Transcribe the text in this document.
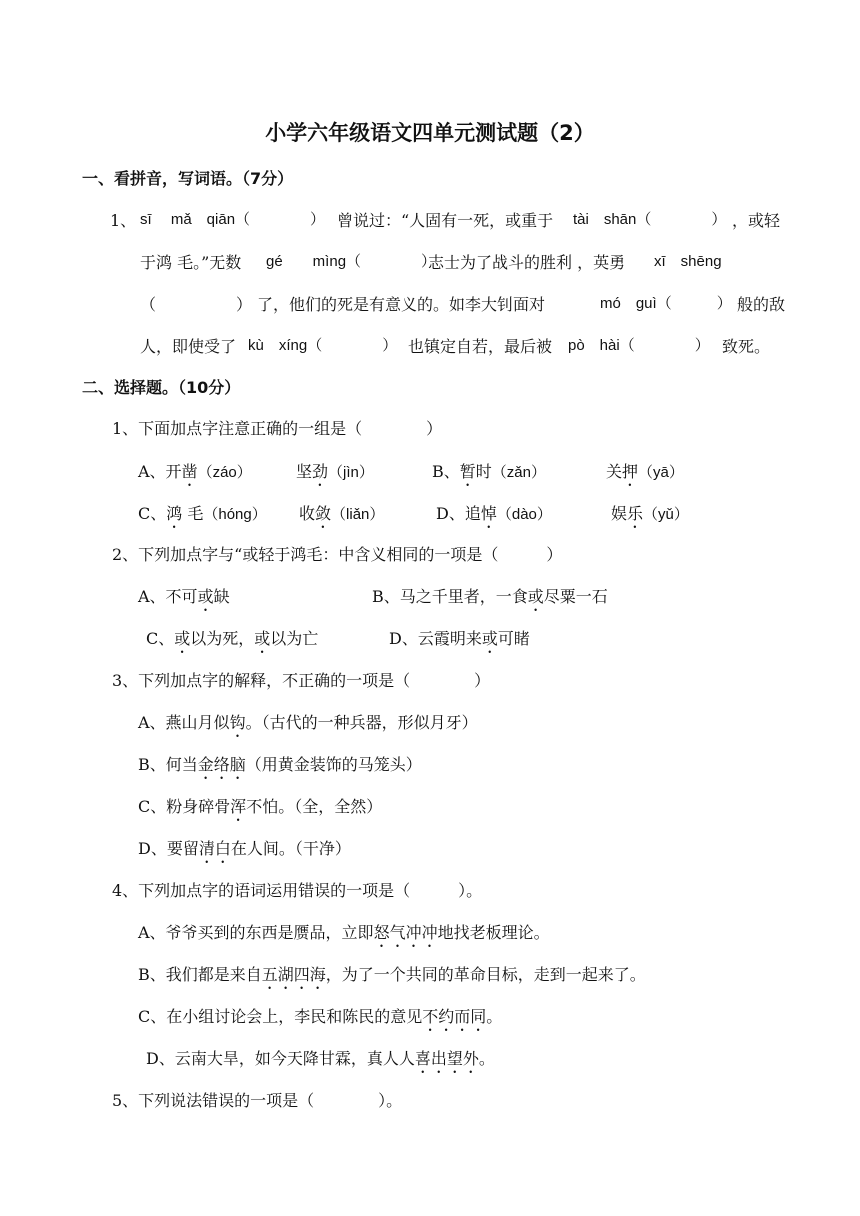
小学六年级语文四单元测试题（2）
一、看拼音，写词语。（7分）
1、 sī　 mǎ　qiān（　　　　） 曾说过：“人固有一死，或重于 tài　shān（　　　　） ，或轻
于鸿 毛。”无数 gé　　mìng（　　　　）
志士为了战斗的胜利 ，英勇 xī　shēng
（　　　　　） 了，他们的死是有意义的。如李大钊面对	mó　guì（　　　） 般的敌
人，即使受了 kù　xíng（　　　　） 也镇定自若，最后被 pò　hài（　　　　） 致死。
二、选择题。（10分）
1、下面加点字注意正确的一组是（　　　　）
A、开凿（záo）	坚劲（jìn）	B、暂时（zǎn）	关押（yā）
C、鸿 毛（hóng） 收敛（liǎn）	D、追悼（dào）	娱乐（yǔ）
2、下列加点字与“或轻于鸿毛：中含义相同的一项是（　　　）
A、不可或缺	B、马之千里者，一食或尽粟一石
C、或以为死，或以为亡	D、云霞明来或可睹
3、下列加点字的解释，不正确的一项是（　　　　）
A、燕山月似钩。（古代的一种兵器，形似月牙）
B、何当金络脑（用黄金装饰的马笼头）
C、粉身碎骨浑不怕。（全，全然）
D、要留清白在人间。（干净）
4、下列加点字的语词运用错误的一项是（　　　）。
A、爷爷买到的东西是赝品，立即怒气冲冲地找老板理论。
B、我们都是来自五湖四海，为了一个共同的革命目标，走到一起来了。
C、在小组讨论会上，李民和陈民的意见不约而同。
D、云南大旱，如今天降甘霖，真人人喜出望外。
5、下列说法错误的一项是（　　　　）。
